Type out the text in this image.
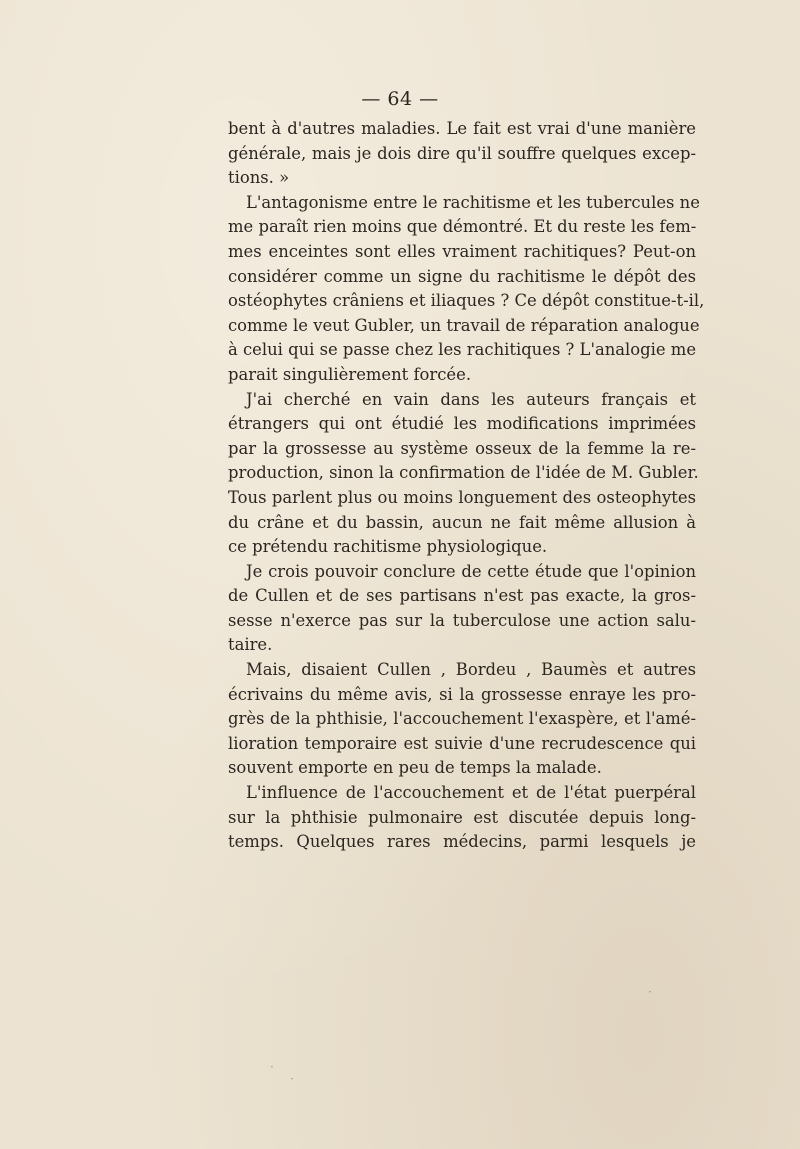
— 64 —
bent à d'autres maladies. Le fait est vrai d'une manière
générale, mais je dois dire qu'il souffre quelques excep-
tions. »
L'antagonisme entre le rachitisme et les tubercules ne
me paraît rien moins que démontré. Et du reste les fem-
mes enceintes sont elles vraiment rachitiques? Peut-on
considérer comme un signe du rachitisme le dépôt des
ostéophytes crâniens et iliaques ? Ce dépôt constitue-t-il,
comme le veut Gubler, un travail de réparation analogue
à celui qui se passe chez les rachitiques ? L'analogie me
parait singulièrement forcée.
J'ai cherché en vain dans les auteurs français et
étrangers qui ont étudié les modifications imprimées
par la grossesse au système osseux de la femme la re-
production, sinon la confirmation de l'idée de M. Gubler.
Tous parlent plus ou moins longuement des osteophytes
du crâne et du bassin, aucun ne fait même allusion à
ce prétendu rachitisme physiologique.
Je crois pouvoir conclure de cette étude que l'opinion
de Cullen et de ses partisans n'est pas exacte, la gros-
sesse n'exerce pas sur la tuberculose une action salu-
taire.
Mais, disaient Cullen , Bordeu , Baumès et autres
écrivains du même avis, si la grossesse enraye les pro-
grès de la phthisie, l'accouchement l'exaspère, et l'amé-
lioration temporaire est suivie d'une recrudescence qui
souvent emporte en peu de temps la malade.
L'influence de l'accouchement et de l'état puerpéral
sur la phthisie pulmonaire est discutée depuis long-
temps. Quelques rares médecins, parmi lesquels je
·
·
·
